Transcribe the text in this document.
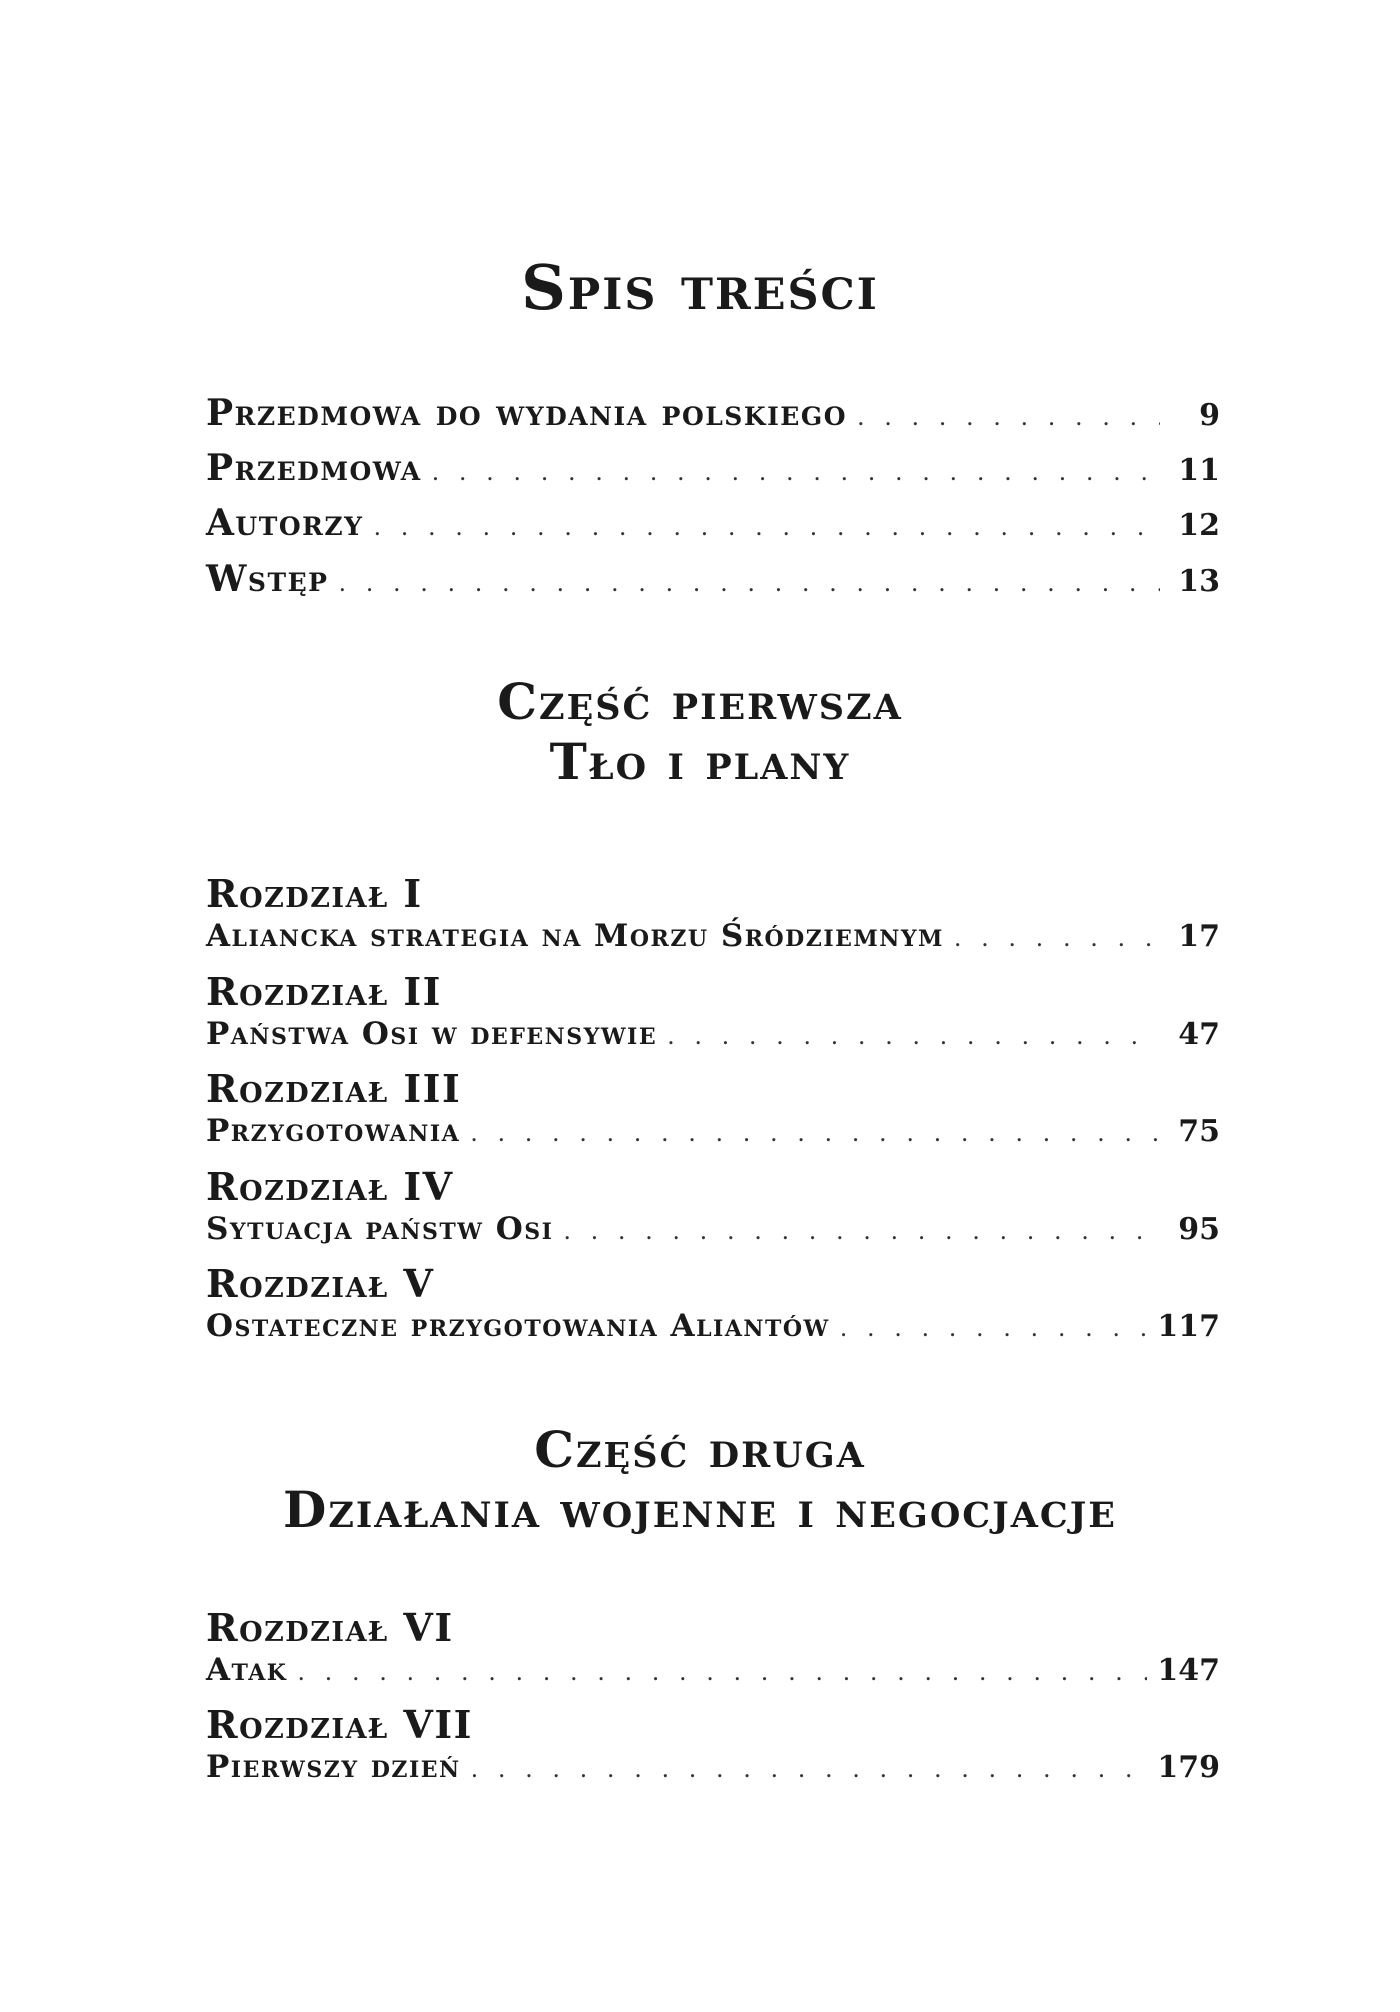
Spis treści
Przedmowa do wydania polskiego . . .	9
Przedmowa . . .	11
Autorzy . . .	12
Wstęp . . .	13
Część pierwsza
Tło i plany
Rozdział I
Aliancka strategia na Morzu Śródziemnym . . .	17
Rozdział II
Państwa Osi w defensywie . . .	47
Rozdział III
Przygotowania . . .	75
Rozdział IV
Sytuacja państw Osi . . .	95
Rozdział V
Ostateczne przygotowania Aliantów . . .	117
Część druga
Działania wojenne i negocjacje
Rozdział VI
Atak . . .	147
Rozdział VII
Pierwszy dzień . . .	179
